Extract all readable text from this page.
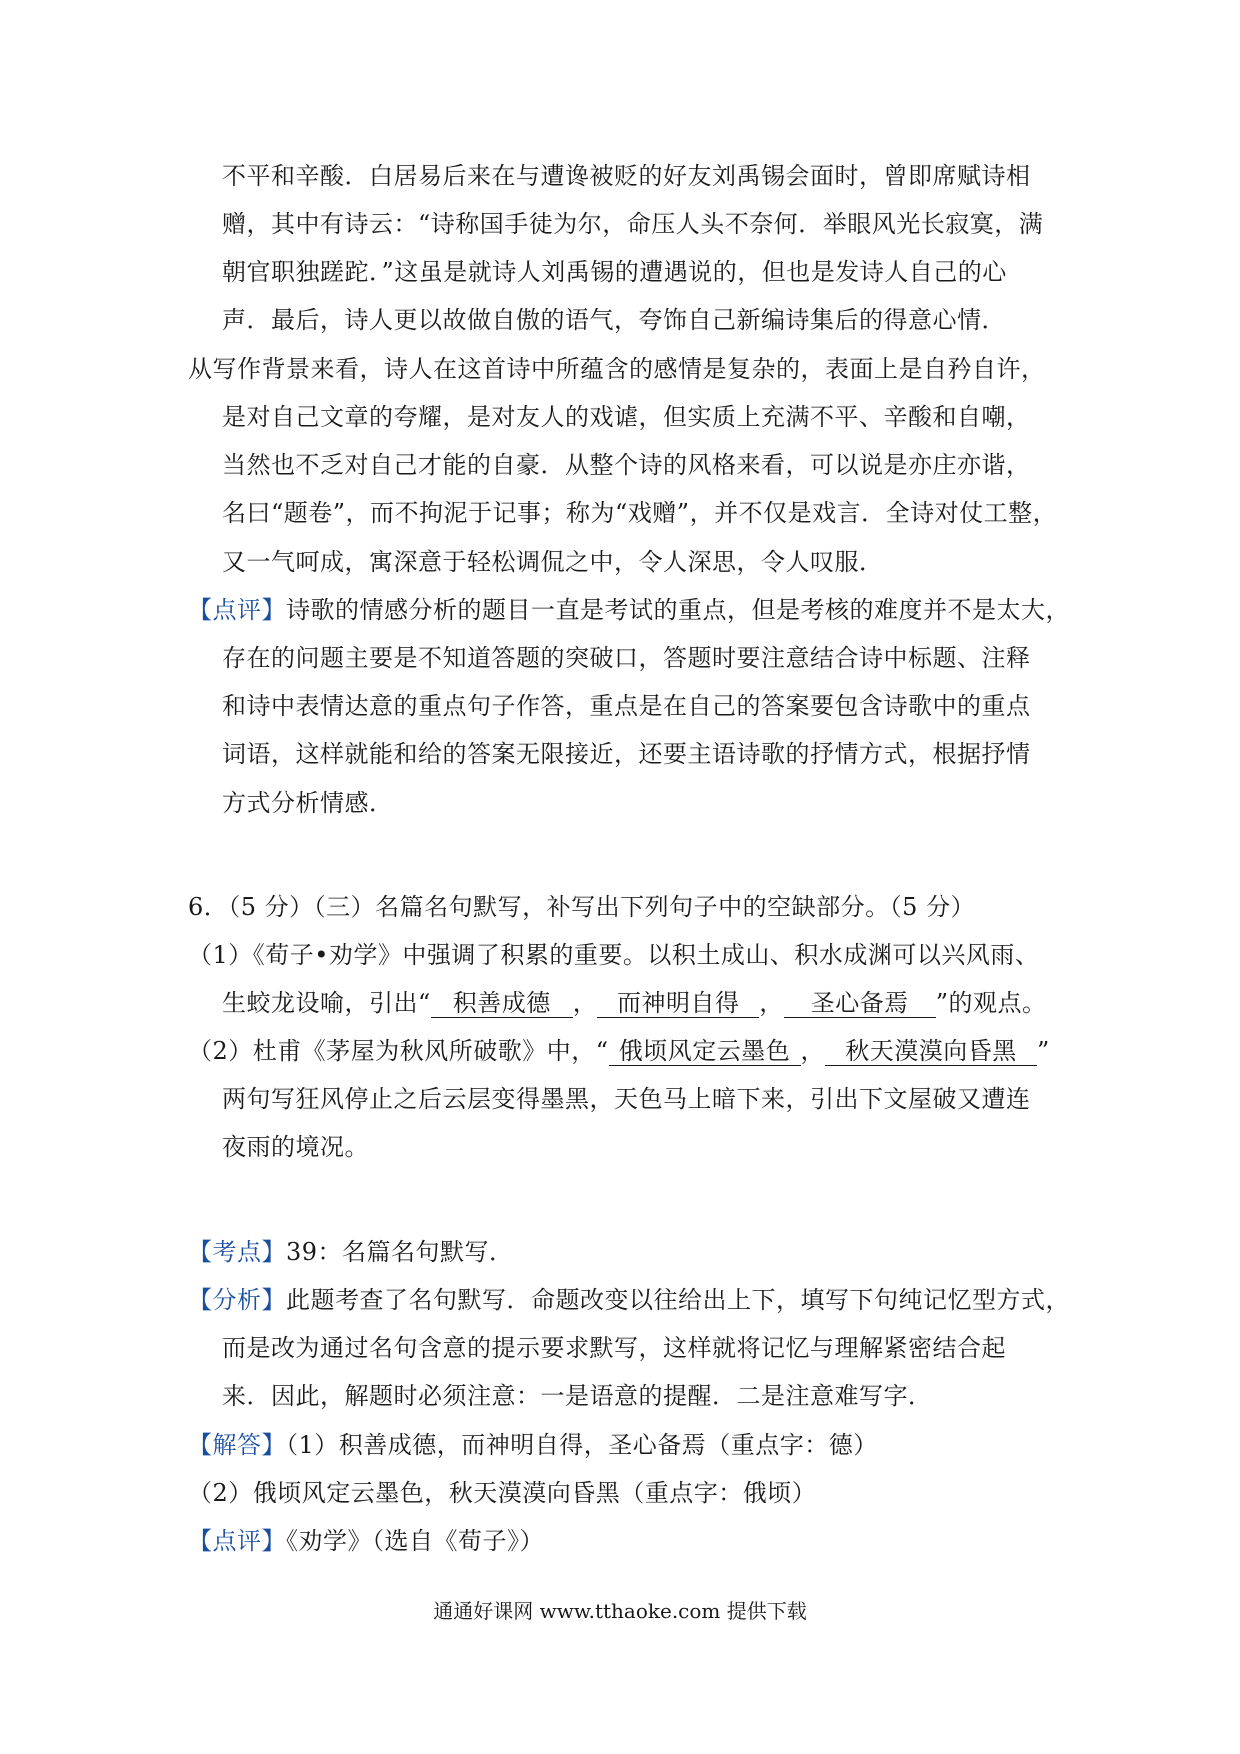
不平和辛酸．白居易后来在与遭谗被贬的好友刘禹锡会面时，曾即席赋诗相
赠，其中有诗云：“诗称国手徒为尔，命压人头不奈何．举眼风光长寂寞，满
朝官职独蹉跎．”这虽是就诗人刘禹锡的遭遇说的，但也是发诗人自己的心
声．最后，诗人更以故做自傲的语气，夸饰自己新编诗集后的得意心情．
从写作背景来看，诗人在这首诗中所蕴含的感情是复杂的，表面上是自矜自许，
是对自己文章的夸耀，是对友人的戏谑，但实质上充满不平、辛酸和自嘲，
当然也不乏对自己才能的自豪．从整个诗的风格来看，可以说是亦庄亦谐，
名曰“题卷”，而不拘泥于记事；称为“戏赠”，并不仅是戏言．全诗对仗工整，
又一气呵成，寓深意于轻松调侃之中，令人深思，令人叹服．
【点评】诗歌的情感分析的题目一直是考试的重点，但是考核的难度并不是太大，
存在的问题主要是不知道答题的突破口，答题时要注意结合诗中标题、注释
和诗中表情达意的重点句子作答，重点是在自己的答案要包含诗歌中的重点
词语，这样就能和给的答案无限接近，还要主语诗歌的抒情方式，根据抒情
方式分析情感．
6．（5 分）（三）名篇名句默写，补写出下列句子中的空缺部分。（5 分）
（1）《荀子•劝学》中强调了积累的重要。以积土成山、积水成渊可以兴风雨、
生蛟龙设喻，引出“ 积善成德 ， 而神明自得 ， 圣心备焉 ”的观点。
（2）杜甫《茅屋为秋风所破歌》中，“ 俄顷风定云墨色 ， 秋天漠漠向昏黑 ”
两句写狂风停止之后云层变得墨黑，天色马上暗下来，引出下文屋破又遭连
夜雨的境况。
【考点】39：名篇名句默写．
【分析】此题考查了名句默写．命题改变以往给出上下，填写下句纯记忆型方式，
而是改为通过名句含意的提示要求默写，这样就将记忆与理解紧密结合起
来．因此，解题时必须注意：一是语意的提醒．二是注意难写字．
【解答】（1）积善成德，而神明自得，圣心备焉（重点字：德）
（2）俄顷风定云墨色，秋天漠漠向昏黑（重点字：俄顷）
【点评】《劝学》（选自《荀子》）
通通好课网 www.tthaoke.com 提供下载
